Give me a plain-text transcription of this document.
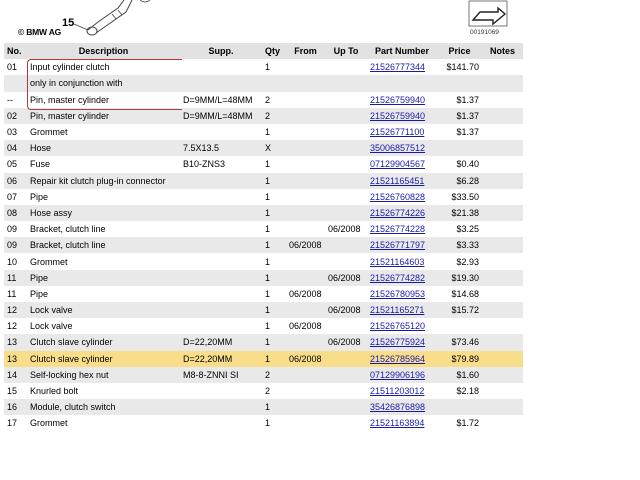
© BMW AG
15
00191069
No.	Description	Supp.	Qty	From	Up To	Part Number	Price	Notes
01	Input cylinder clutch		1			21526777344	$141.70	
	only in conjunction with							
--	Pin, master cylinder	D=9MM/L=48MM	2			21526759940	$1.37	
02	Pin, master cylinder	D=9MM/L=48MM	2			21526759940	$1.37	
03	Grommet		1			21526771100	$1.37	
04	Hose	7.5X13.5	X			35006857512		
05	Fuse	B10-ZNS3	1			07129904567	$0.40	
06	Repair kit clutch plug-in connector		1			21521165451	$6.28	
07	Pipe		1			21526760828	$33.50	
08	Hose assy		1			21526774226	$21.38	
09	Bracket, clutch line		1		06/2008	21526774228	$3.25	
09	Bracket, clutch line		1	06/2008		21526771797	$3.33	
10	Grommet		1			21521164603	$2.93	
11	Pipe		1		06/2008	21526774282	$19.30	
11	Pipe		1	06/2008		21526780953	$14.68	
12	Lock valve		1		06/2008	21521165271	$15.72	
12	Lock valve		1	06/2008		21526765120		
13	Clutch slave cylinder	D=22,20MM	1		06/2008	21526775924	$73.46	
13	Clutch slave cylinder	D=22,20MM	1	06/2008		21526785964	$79.89	
14	Self-locking hex nut	M8-8-ZNNI SI	2			07129906196	$1.60	
15	Knurled bolt		2			21511203012	$2.18	
16	Module, clutch switch		1			35426876898		
17	Grommet		1			21521163894	$1.72	
